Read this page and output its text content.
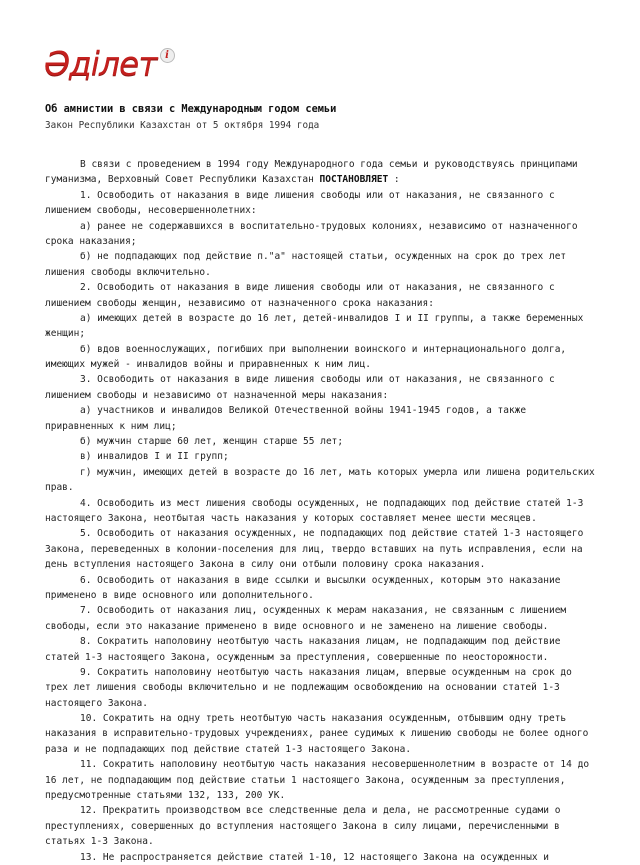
Әділет i
Об амнистии в связи с Международным годом семьи
Закон Республики Казахстан от 5 октября 1994 года
В связи с проведением в 1994 году Международного года семьи и руководствуясь принципами
гуманизма, Верховный Совет Республики Казахстан ПОСТАНОВЛЯЕТ :
1. Освободить от наказания в виде лишения свободы или от наказания, не связанного с
лишением свободы, несовершеннолетних:
а) ранее не содержавшихся в воспитательно-трудовых колониях, независимо от назначенного
срока наказания;
б) не подпадающих под действие п."а" настоящей статьи, осужденных на срок до трех лет
лишения свободы включительно.
2. Освободить от наказания в виде лишения свободы или от наказания, не связанного с
лишением свободы женщин, независимо от назначенного срока наказания:
а) имеющих детей в возрасте до 16 лет, детей-инвалидов I и II группы, а также беременных
женщин;
б) вдов военнослужащих, погибших при выполнении воинского и интернационального долга,
имеющих мужей - инвалидов войны и приравненных к ним лиц.
3. Освободить от наказания в виде лишения свободы или от наказания, не связанного с
лишением свободы и независимо от назначенной меры наказания:
а) участников и инвалидов Великой Отечественной войны 1941-1945 годов, а также
приравненных к ним лиц;
б) мужчин старше 60 лет, женщин старше 55 лет;
в) инвалидов I и II групп;
г) мужчин, имеющих детей в возрасте до 16 лет, мать которых умерла или лишена родительских
прав.
4. Освободить из мест лишения свободы осужденных, не подпадающих под действие статей 1-3
настоящего Закона, неотбытая часть наказания у которых составляет менее шести месяцев.
5. Освободить от наказания осужденных, не подпадающих под действие статей 1-3 настоящего
Закона, переведенных в колонии-поселения для лиц, твердо вставших на путь исправления, если на
день вступления настоящего Закона в силу они отбыли половину срока наказания.
6. Освободить от наказания в виде ссылки и высылки осужденных, которым это наказание
применено в виде основного или дополнительного.
7. Освободить от наказания лиц, осужденных к мерам наказания, не связанным с лишением
свободы, если это наказание применено в виде основного и не заменено на лишение свободы.
8. Сократить наполовину неотбытую часть наказания лицам, не подпадающим под действие
статей 1-3 настоящего Закона, осужденным за преступления, совершенные по неосторожности.
9. Сократить наполовину неотбытую часть наказания лицам, впервые осужденным на срок до
трех лет лишения свободы включительно и не подлежащим освобождению на основании статей 1-3
настоящего Закона.
10. Сократить на одну треть неотбытую часть наказания осужденным, отбывшим одну треть
наказания в исправительно-трудовых учреждениях, ранее судимых к лишению свободы не более одного
раза и не подпадающих под действие статей 1-3 настоящего Закона.
11. Сократить наполовину неотбытую часть наказания несовершеннолетним в возрасте от 14 до
16 лет, не подпадающим под действие статьи 1 настоящего Закона, осужденным за преступления,
предусмотренные статьями 132, 133, 200 УК.
12. Прекратить производством все следственные дела и дела, не рассмотренные судами о
преступлениях, совершенных до вступления настоящего Закона в силу лицами, перечисленными в
статьях 1-3 Закона.
13. Не распространяется действие статей 1-10, 12 настоящего Закона на осужденных и
